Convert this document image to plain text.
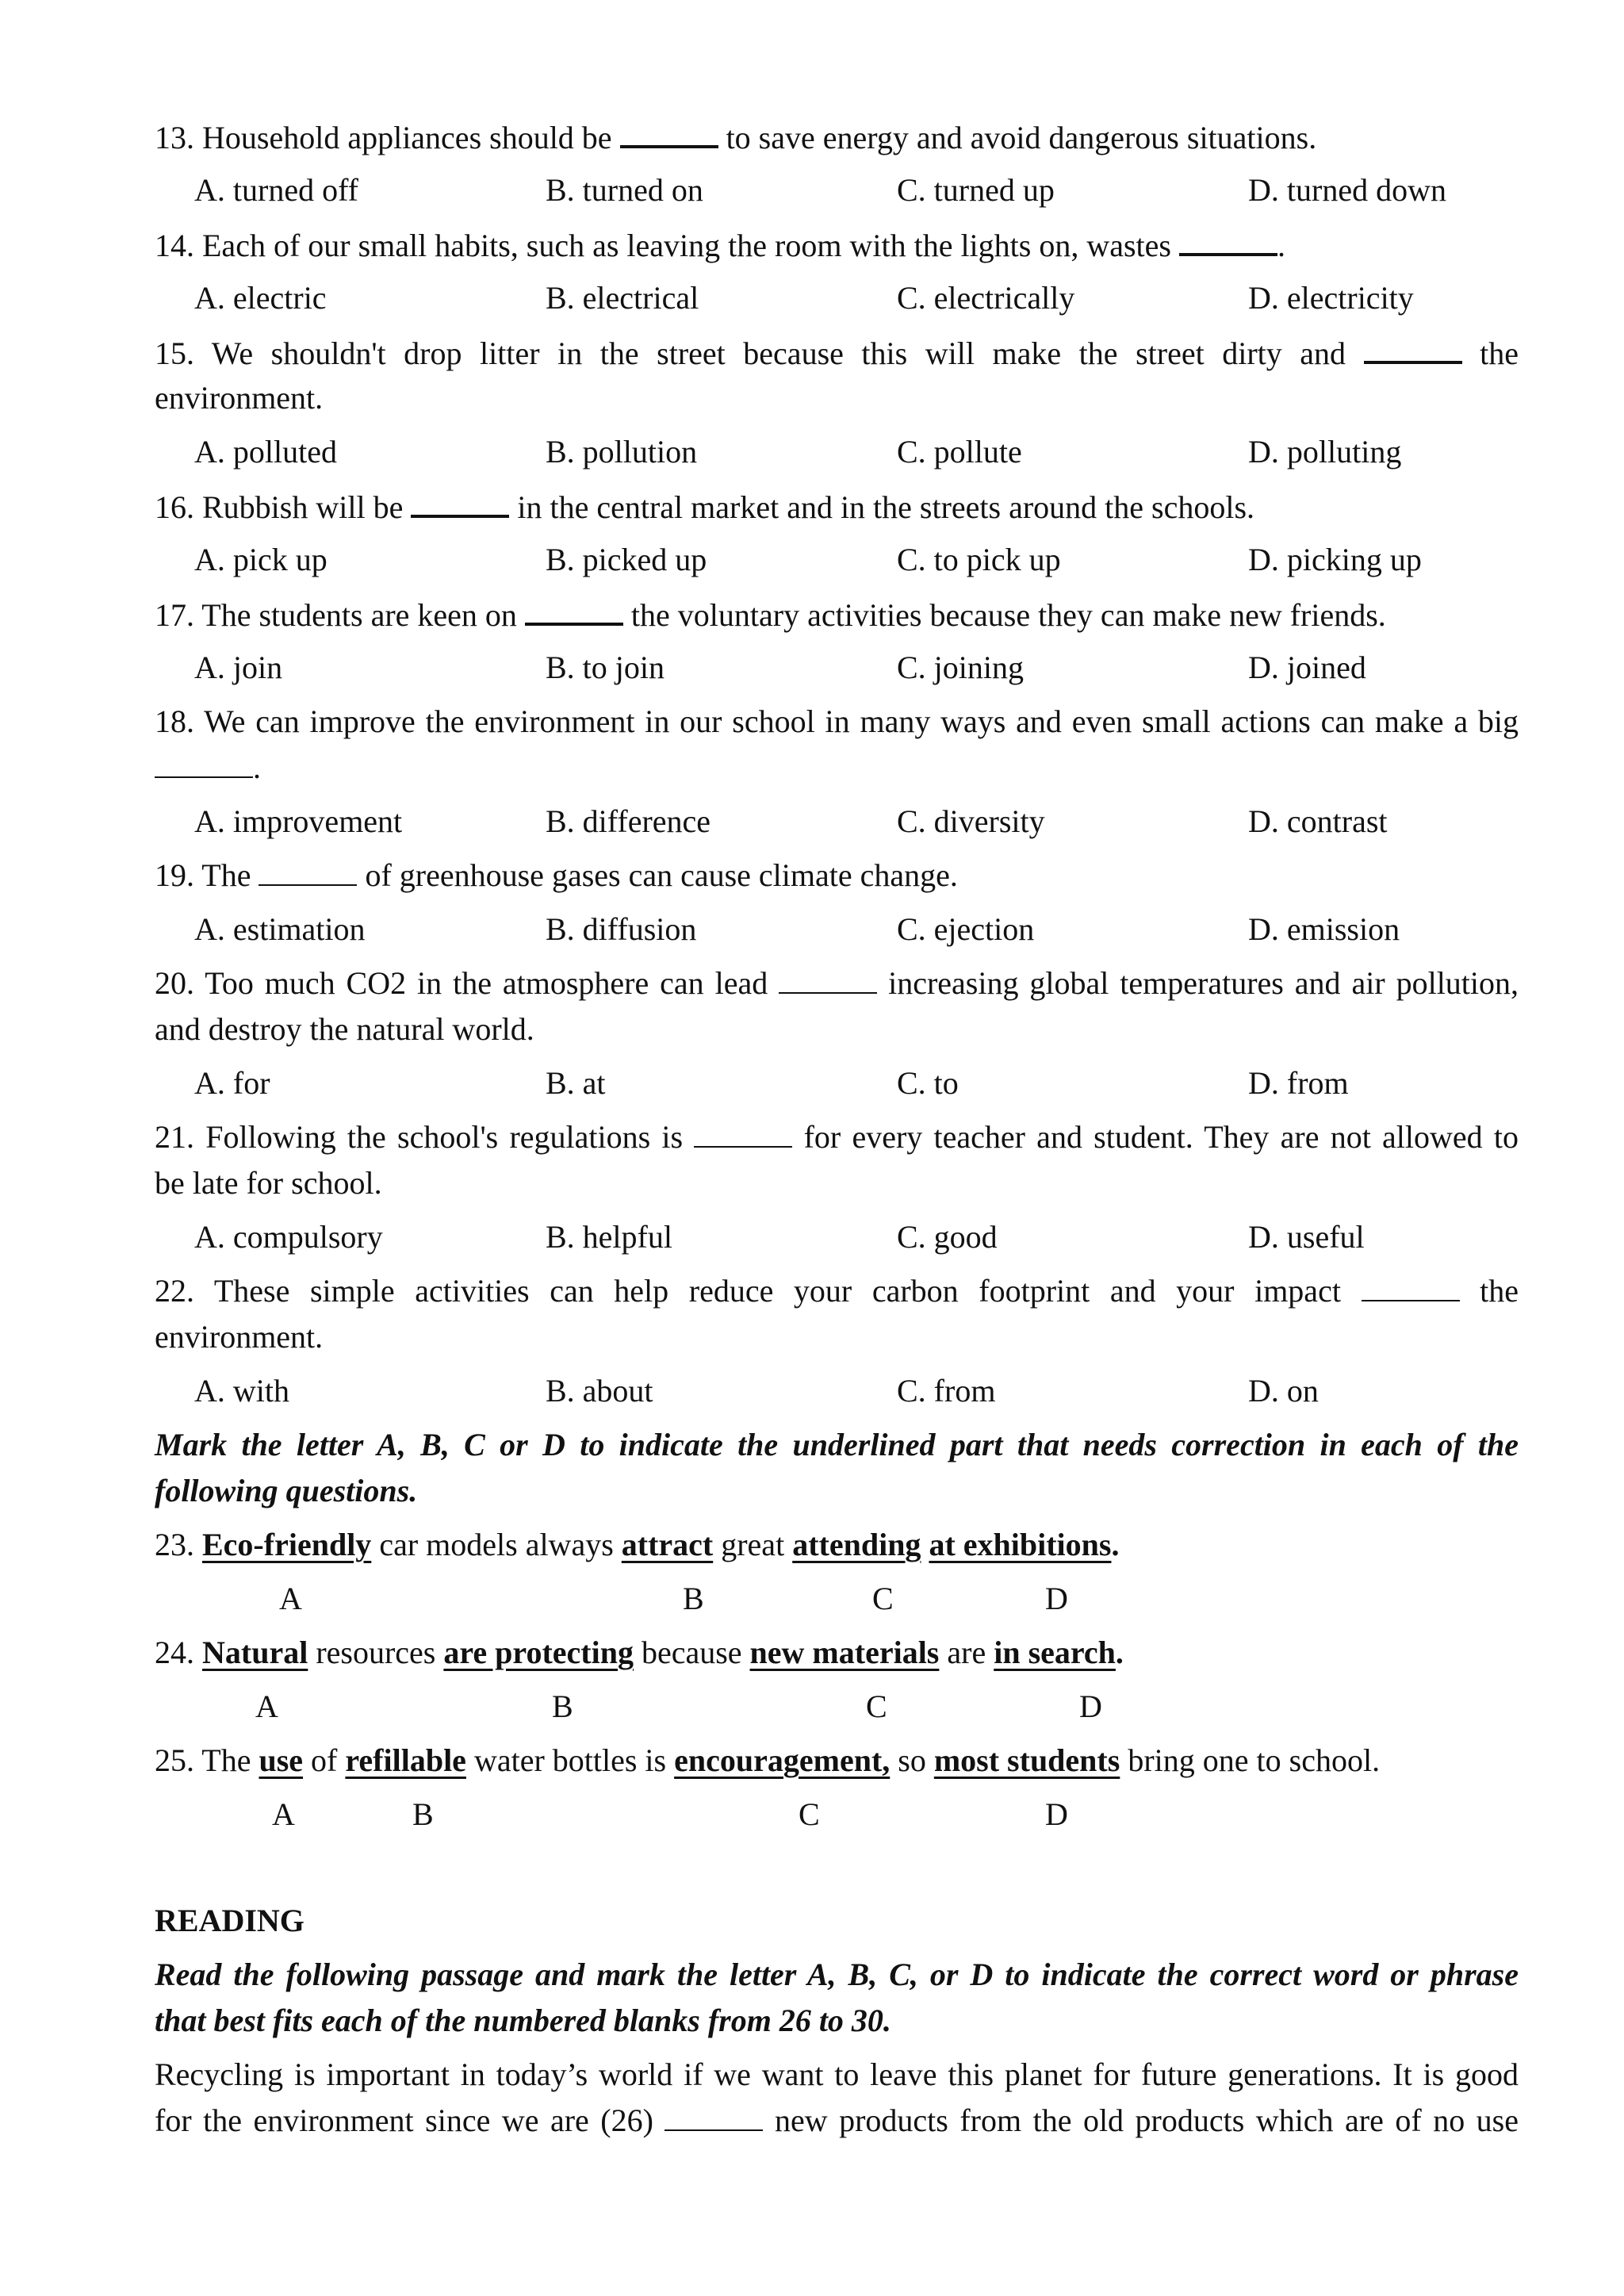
13. Household appliances should be	to save energy and avoid dangerous situations.

A. turned off	B. turned on	C. turned up	D. turned down

14. Each of our small habits, such as leaving the room with the lights on, wastes	.

A. electric	B. electrical	C. electrically	D. electricity

15. We shouldn't drop litter in the street because this will make the street dirty and	the

environment.

A. polluted	B. pollution	C. pollute	D. polluting

16. Rubbish will be	in the central market and in the streets around the schools.

A. pick up	B. picked up	C. to pick up	D. picking up

17. The students are keen on	the voluntary activities because they can make new friends.

A. join	B. to join	C. joining	D. joined

18. We can improve the environment in our school in many ways and even small actions can make a big

.

A. improvement	B. difference	C. diversity	D. contrast

19. The	of greenhouse gases can cause climate change.

A. estimation	B. diffusion	C. ejection	D. emission

20. Too much CO2 in the atmosphere can lead	increasing global temperatures and air pollution,

and destroy the natural world.

A. for	B. at	C. to	D. from

21. Following the school's regulations is	for every teacher and student. They are not allowed to

be late for school.

A. compulsory	B. helpful	C. good	D. useful

22. These simple activities can help reduce your carbon footprint and your impact	the

environment.

A. with	B. about	C. from	D. on

Mark the letter A, B, C or D to indicate the underlined part that needs correction in each of the

following questions.

23. Eco-friendly car models always attract great attending at exhibitions.

A	B	C	D

24. Natural resources are protecting because new materials are in search.

A	B	C	D

25. The use of refillable water bottles is encouragement, so most students bring one to school.

A	B	C	D

READING

Read the following passage and mark the letter A, B, C, or D to indicate the correct word or phrase

that best fits each of the numbered blanks from 26 to 30.

Recycling is important in today’s world if we want to leave this planet for future generations. It is good

for the environment since we are (26)	new products from the old products which are of no use
